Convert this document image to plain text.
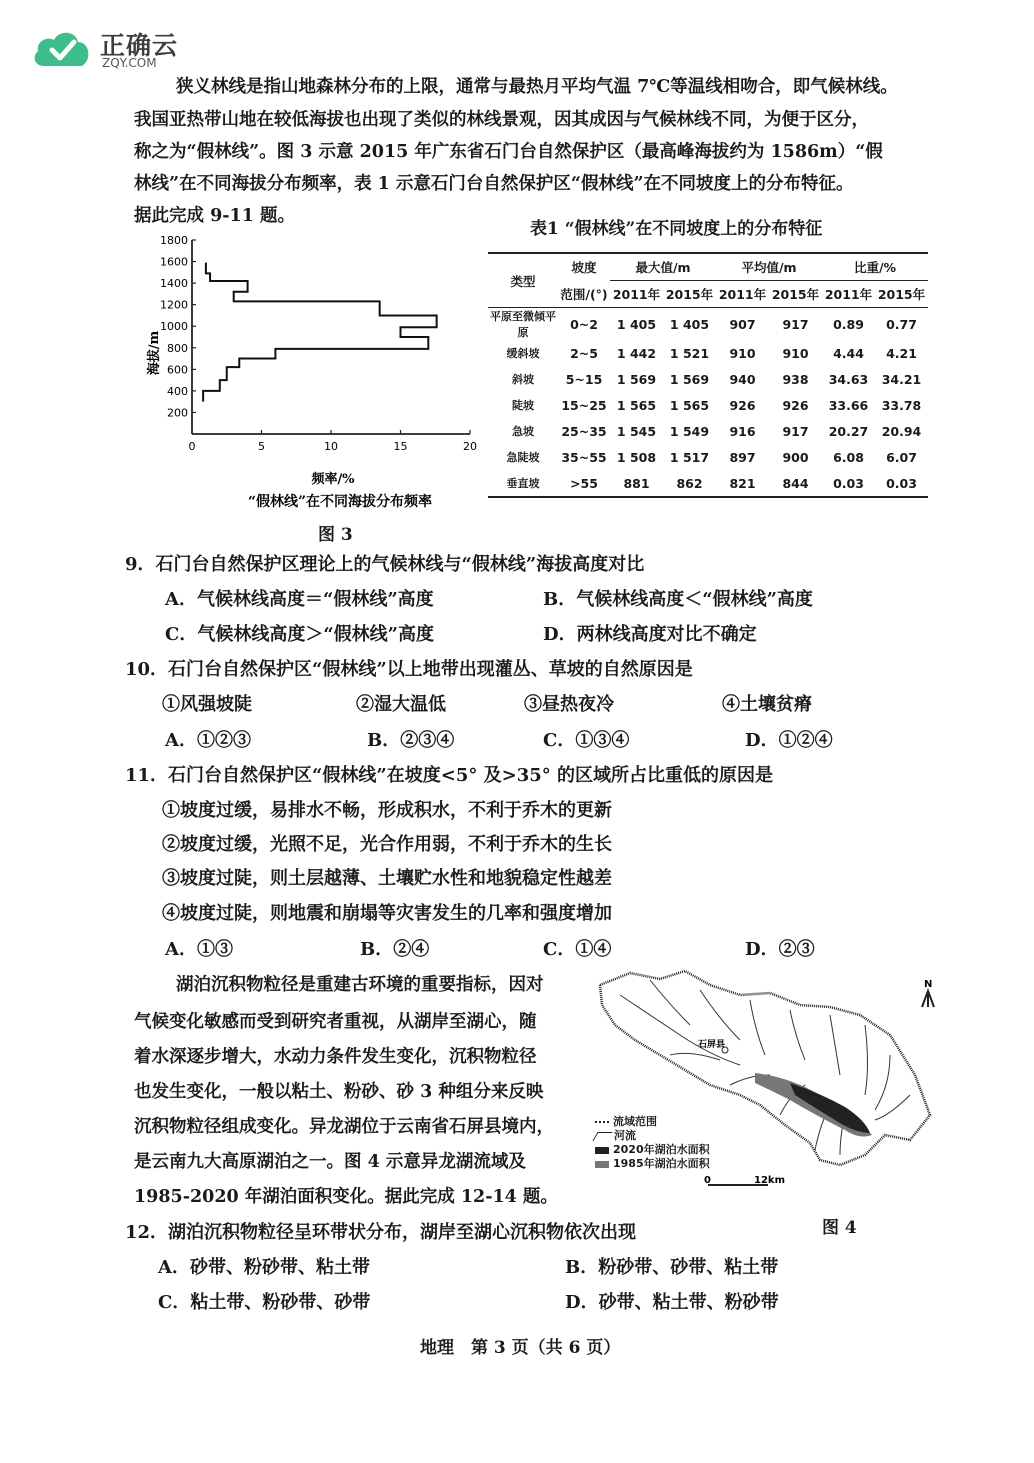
正确云
ZQY.COM
狭义林线是指山地森林分布的上限，通常与最热月平均气温 7℃等温线相吻合，即气候林线。
我国亚热带山地在较低海拔也出现了类似的林线景观，因其成因与气候林线不同，为便于区分，
称之为“假林线”。图 3 示意 2015 年广东省石门台自然保护区（最高峰海拔约为 1586m）“假
林线”在不同海拔分布频率，表 1 示意石门台自然保护区“假林线”在不同坡度上的分布特征。
据此完成 9-11 题。
0	5	10	15	20
200
400
600
800
1000
1200
1400
1600
1800
海拔/m
频率/%
“假林线”在不同海拔分布频率
图 3
表1 “假林线”在不同坡度上的分布特征
类型	坡度	最大值/m		平均值/m		比重/%	
	范围/(°)	2011年	2015年	2011年	2015年	2011年	2015年
平原至微倾平原	0~2	1 405	1 405	907	917	0.89	0.77
缓斜坡	2~5	1 442	1 521	910	910	4.44	4.21
斜坡	5~15	1 569	1 569	940	938	34.63	34.21
陡坡	15~25	1 565	1 565	926	926	33.66	33.78
急坡	25~35	1 545	1 549	916	917	20.27	20.94
急陡坡	35~55	1 508	1 517	897	900	6.08	6.07
垂直坡	>55	881	862	821	844	0.03	0.03
9．石门台自然保护区理论上的气候林线与“假林线”海拔高度对比
A．气候林线高度＝“假林线”高度	B．气候林线高度＜“假林线”高度
C．气候林线高度＞“假林线”高度	D．两林线高度对比不确定
10．石门台自然保护区“假林线”以上地带出现灌丛、草坡的自然原因是
①风强坡陡	②湿大温低	③昼热夜冷	④土壤贫瘠
A．①②③	B．②③④	C．①③④	D．①②④
11．石门台自然保护区“假林线”在坡度<5° 及>35° 的区域所占比重低的原因是
①坡度过缓，易排水不畅，形成积水，不利于乔木的更新
②坡度过缓，光照不足，光合作用弱，不利于乔木的生长
③坡度过陡，则土层越薄、土壤贮水性和地貌稳定性越差
④坡度过陡，则地震和崩塌等灾害发生的几率和强度增加
A．①③	B．②④	C．①④	D．②③
湖泊沉积物粒径是重建古环境的重要指标，因对
气候变化敏感而受到研究者重视，从湖岸至湖心，随
着水深逐步增大，水动力条件发生变化，沉积物粒径
也发生变化，一般以粘土、粉砂、砂 3 种组分来反映
沉积物粒径组成变化。异龙湖位于云南省石屏县境内，
是云南九大高原湖泊之一。图 4 示意异龙湖流域及
1985-2020 年湖泊面积变化。据此完成 12-14 题。
石屏县
N
0	12km
流域范围
河流
2020年湖泊水面积
1985年湖泊水面积
图 4
12．湖泊沉积物粒径呈环带状分布，湖岸至湖心沉积物依次出现
A．砂带、粉砂带、粘土带	B．粉砂带、砂带、粘土带
C．粘土带、粉砂带、砂带	D．砂带、粘土带、粉砂带
地理　第 3 页（共 6 页）
